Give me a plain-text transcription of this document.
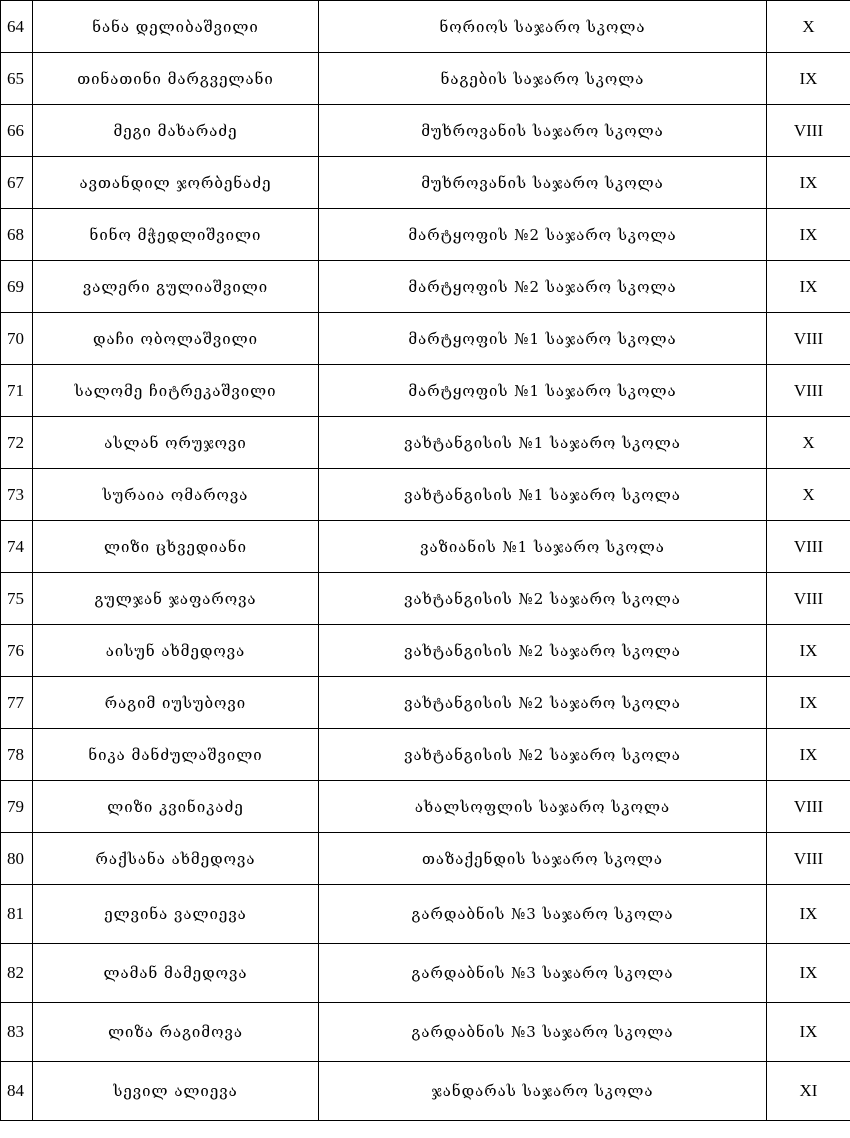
64	ნანა დელიბაშვილი	ნორიოს საჯარო სკოლა	X
65	თინათინი მარგველანი	ნაგების საჯარო სკოლა	IX
66	მეგი მახარაძე	მუხროვანის საჯარო სკოლა	VIII
67	ავთანდილ ჯორბენაძე	მუხროვანის საჯარო სკოლა	IX
68	ნინო მჭედლიშვილი	მარტყოფის №2 საჯარო სკოლა	IX
69	ვალერი გულიაშვილი	მარტყოფის №2 საჯარო სკოლა	IX
70	დაჩი ობოლაშვილი	მარტყოფის №1 საჯარო სკოლა	VIII
71	სალომე ჩიტრეკაშვილი	მარტყოფის №1 საჯარო სკოლა	VIII
72	ასლან ორუჯოვი	ვახტანგისის №1 საჯარო სკოლა	X
73	სურაია ომაროვა	ვახტანგისის №1 საჯარო სკოლა	X
74	ლიზი ცხვედიანი	ვაზიანის №1 საჯარო სკოლა	VIII
75	გულჯან ჯაფაროვა	ვახტანგისის №2 საჯარო სკოლა	VIII
76	აისუნ ახმედოვა	ვახტანგისის №2 საჯარო სკოლა	IX
77	რაგიმ იუსუბოვი	ვახტანგისის №2 საჯარო სკოლა	IX
78	ნიკა მანძულაშვილი	ვახტანგისის №2 საჯარო სკოლა	IX
79	ლიზი კვინიკაძე	ახალსოფლის საჯარო სკოლა	VIII
80	რაქსანა ახმედოვა	თაზაქენდის საჯარო სკოლა	VIII
81	ელვინა ვალიევა	გარდაბნის №3 საჯარო სკოლა	IX
82	ლამან მამედოვა	გარდაბნის №3 საჯარო სკოლა	IX
83	ლიზა რაგიმოვა	გარდაბნის №3 საჯარო სკოლა	IX
84	სევილ ალიევა	ჯანდარას საჯარო სკოლა	XI
